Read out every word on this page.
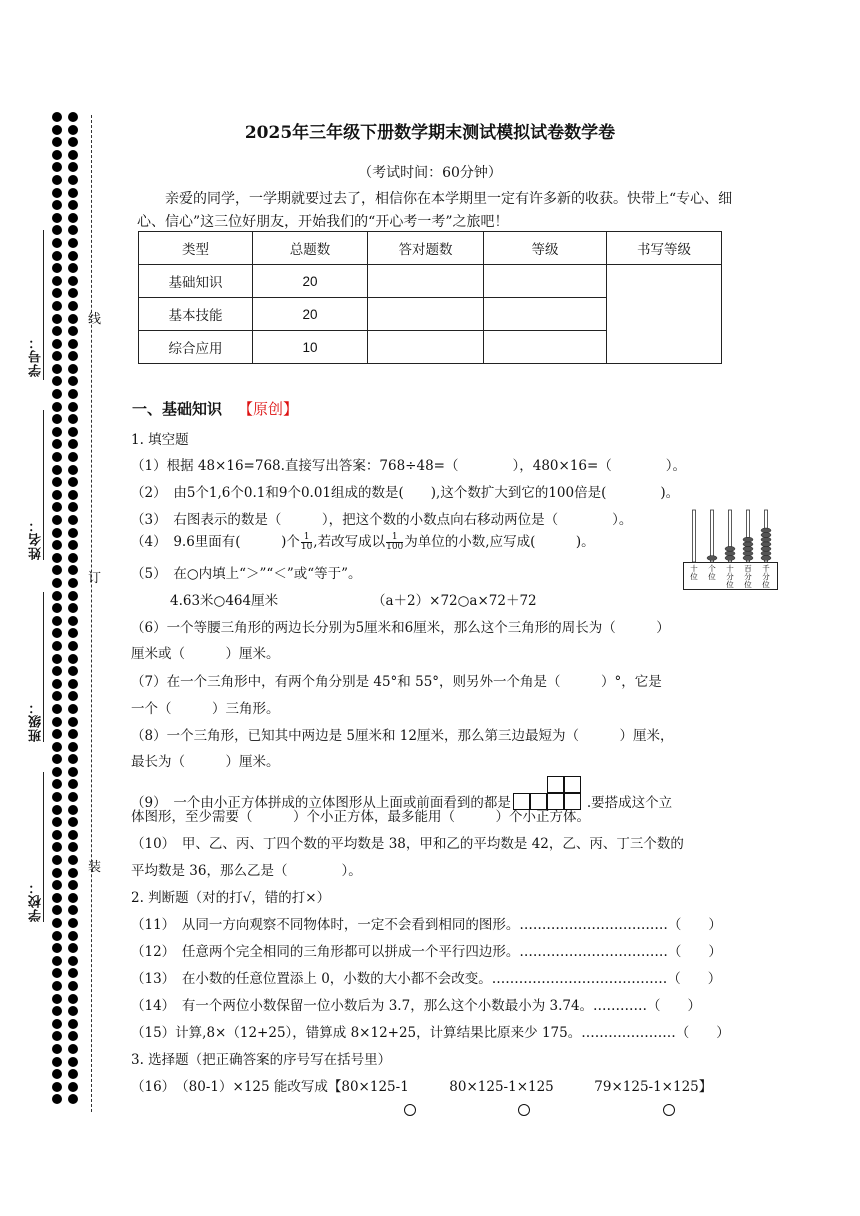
学号：
姓名：
班级：
学校：
线
订
装
2025年三年级下册数学期末测试模拟试卷数学卷
（考试时间：60分钟）
亲爱的同学，一学期就要过去了，相信你在本学期里一定有许多新的收获。快带上“专心、细心、信心”这三位好朋友，开始我们的“开心考一考”之旅吧！
类型	总题数	答对题数	等级	书写等级
基础知识	20			
基本技能	20			
综合应用	10			
一、基础知识 【原创】
1. 填空题
（1）根据 48×16=768.直接写出答案：768÷48=（　　　　），480×16=（　　　　）。
（2）　由5个1,6个0.1和9个0.01组成的数是(　　),这个数扩大到它的100倍是(　　　　)。
（3）　右图表示的数是（　　　），把这个数的小数点向右移动两位是（　　　　）。
（4）　9.6里面有(　　　)个 $\frac{1}{10}$ ,若改写成以 $\frac{1}{100}$ 为单位的小数,应写成(　　　)。
（5）　在○内填上“＞”“＜”或“等于”。
4.63米○464厘米	（a＋2）×72○a×72＋72
十
位
个
位
十
分
位
百
分
位
千
分
位
（6）一个等腰三角形的两边长分别为5厘米和6厘米，那么这个三角形的周长为（　　　）
厘米或（　　　）厘米。
（7）在一个三角形中，有两个角分别是 45°和 55°，则另外一个角是（　　　）°，它是
一个（　　　）三角形。
（8）一个三角形，已知其中两边是 5厘米和 12厘米，那么第三边最短为（　　　）厘米，
最长为（　　　）厘米。
（9）　一个由小正方体拼成的立体图形从上面或前面看到的都是	.要搭成这个立
体图形，至少需要（　　　）个小正方体，最多能用（　　　）个小正方体。
（10）　甲、乙、丙、丁四个数的平均数是 38，甲和乙的平均数是 42，乙、丙、丁三个数的
平均数是 36，那么乙是（　　　　）。
2. 判断题（对的打√，错的打×）
（11）　从同一方向观察不同物体时，一定不会看到相同的图形。……………………………（　　）
（12）　任意两个完全相同的三角形都可以拼成一个平行四边形。……………………………（　　）
（13）　在小数的任意位置添上 0，小数的大小都不会改变。…………………………………（　　）
（14）　有一个两位小数保留一位小数后为 3.7，那么这个小数最小为 3.74。…………（　　）
（15）计算,8×（12+25），错算成 8×12+25，计算结果比原来少 175。…………………（　　）
3. 选择题（把正确答案的序号写在括号里）
（16）　（80-1）×125 能改写成【80×125-1　　　80×125-1×125　　　79×125-1×125】
